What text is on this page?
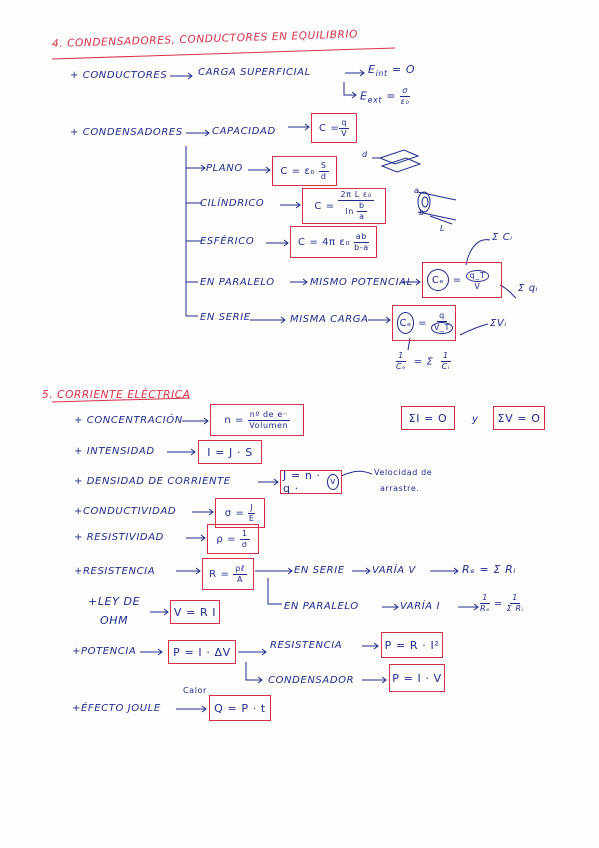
4. CONDENSADORES, CONDUCTORES EN EQUILIBRIO
+ CONDUCTORES	CARGA SUPERFICIAL	$E_{int} = O$
$E_{ext} = \frac{\sigma}{\text{ε₀}}$
+ CONDENSADORES	CAPACIDAD	$C = \frac{q}{V}$
PLANO	C = ε₀
$\frac{S}{d}$
d
CILÍNDRICO	C =
$\frac{\text{2π L ε₀}}{\ln \frac{b}{a}}$
a
b
L
ESFÉRICO	C = 4π ε₀
$\frac{ab}{b-a}$
EN PARALELO	MISMO POTENCIAL	Cₑ
=
$\frac{q\_T}{V}$
Σ Cᵢ
Σ qᵢ
EN SERIE	MISMA CARGA	Cₑ
=
$\frac{q}{V\_T}$	ΣVᵢ
$\frac{1}{\text{Cₑ}} = \Sigma \frac{1}{\text{Cᵢ}}$
5. CORRIENTE ELÉCTRICA
+ CONCENTRACIÓN	n =
$\frac{\text{nº de e⁻}}{\text{Volumen}}$	ΣI = O	y	ΣV = O
+ INTENSIDAD	I = J · S
+ DENSIDAD DE CORRIENTE	J = n · q ·
	v
Velocidad de
arrastre.
+CONDUCTIVIDAD	σ =
$\frac{J}{E}$
+ RESISTIVIDAD	ρ =
$\frac{1}{\sigma}$
+RESISTENCIA	R =
$\frac{\text{ρℓ}}{A}$	EN SERIE	VARÍA V	Rₑ = Σ Rᵢ
EN PARALELO	VARÍA I	$\frac{1}{\text{Rₑ}} = \frac{1}{\text{Σ Rᵢ}}$
+LEY DE
OHM
V = R I
+POTENCIA	P = I · ΔV	RESISTENCIA	P = R · I²
CONDENSADOR	P = I · V
Calor
+ÉFECTO JOULE	Q = P · t
